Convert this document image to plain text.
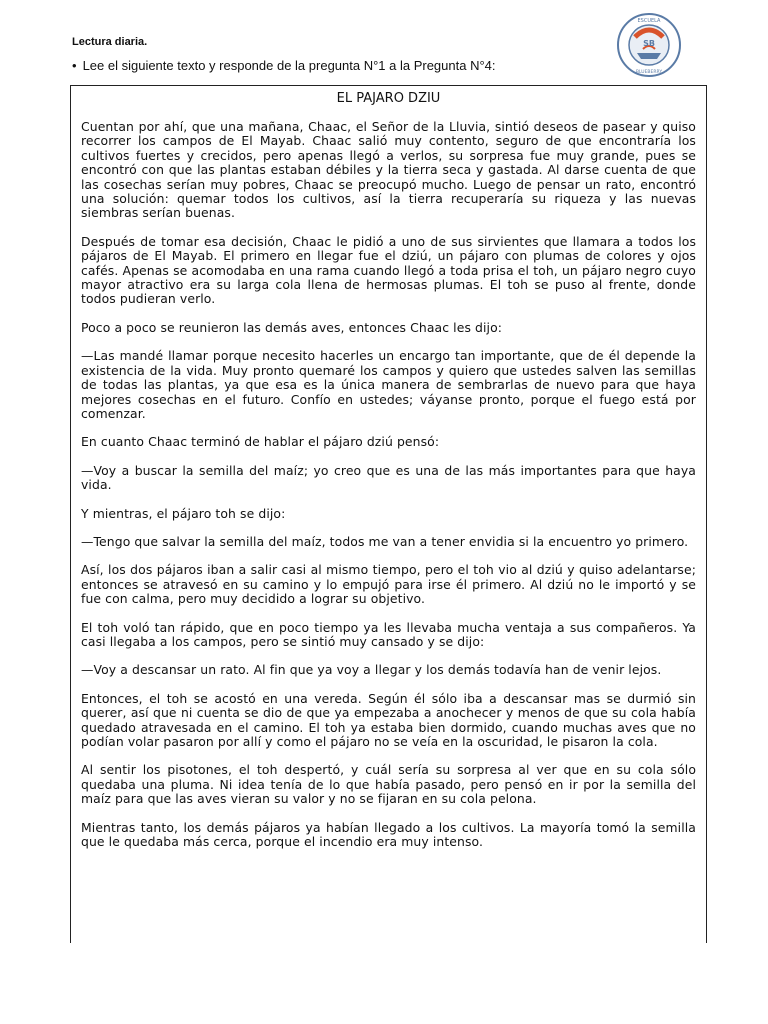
Lectura diaria.
• Lee el siguiente texto y responde de la pregunta N°1 a la Pregunta N°4:
ESCUELA
SB
BLUEBERRY
EL PAJARO DZIU

Cuentan por ahí, que una mañana, Chaac, el Señor de la Lluvia, sintió deseos de pasear y quiso recorrer los campos de El Mayab. Chaac salió muy contento, seguro de que encontraría los cultivos fuertes y crecidos, pero apenas llegó a verlos, su sorpresa fue muy grande, pues se encontró con que las plantas estaban débiles y la tierra seca y gastada. Al darse cuenta de que las cosechas serían muy pobres, Chaac se preocupó mucho. Luego de pensar un rato, encontró una solución: quemar todos los cultivos, así la tierra recuperaría su riqueza y las nuevas siembras serían buenas.

Después de tomar esa decisión, Chaac le pidió a uno de sus sirvientes que llamara a todos los pájaros de El Mayab. El primero en llegar fue el dziú, un pájaro con plumas de colores y ojos cafés. Apenas se acomodaba en una rama cuando llegó a toda prisa el toh, un pájaro negro cuyo mayor atractivo era su larga cola llena de hermosas plumas. El toh se puso al frente, donde todos pudieran verlo.

Poco a poco se reunieron las demás aves, entonces Chaac les dijo:

—Las mandé llamar porque necesito hacerles un encargo tan importante, que de él depende la existencia de la vida. Muy pronto quemaré los campos y quiero que ustedes salven las semillas de todas las plantas, ya que esa es la única manera de sembrarlas de nuevo para que haya mejores cosechas en el futuro. Confío en ustedes; váyanse pronto, porque el fuego está por comenzar.

En cuanto Chaac terminó de hablar el pájaro dziú pensó:

—Voy a buscar la semilla del maíz; yo creo que es una de las más importantes para que haya vida.

Y mientras, el pájaro toh se dijo:

—Tengo que salvar la semilla del maíz, todos me van a tener envidia si la encuentro yo primero.

Así, los dos pájaros iban a salir casi al mismo tiempo, pero el toh vio al dziú y quiso adelantarse; entonces se atravesó en su camino y lo empujó para irse él primero. Al dziú no le importó y se fue con calma, pero muy decidido a lograr su objetivo.

El toh voló tan rápido, que en poco tiempo ya les llevaba mucha ventaja a sus compañeros. Ya casi llegaba a los campos, pero se sintió muy cansado y se dijo:

—Voy a descansar un rato. Al fin que ya voy a llegar y los demás todavía han de venir lejos.

Entonces, el toh se acostó en una vereda. Según él sólo iba a descansar mas se durmió sin querer, así que ni cuenta se dio de que ya empezaba a anochecer y menos de que su cola había quedado atravesada en el camino. El toh ya estaba bien dormido, cuando muchas aves que no podían volar pasaron por allí y como el pájaro no se veía en la oscuridad, le pisaron la cola.

Al sentir los pisotones, el toh despertó, y cuál sería su sorpresa al ver que en su cola sólo quedaba una pluma. Ni idea tenía de lo que había pasado, pero pensó en ir por la semilla del maíz para que las aves vieran su valor y no se fijaran en su cola pelona.

Mientras tanto, los demás pájaros ya habían llegado a los cultivos. La mayoría tomó la semilla que le quedaba más cerca, porque el incendio era muy intenso.
